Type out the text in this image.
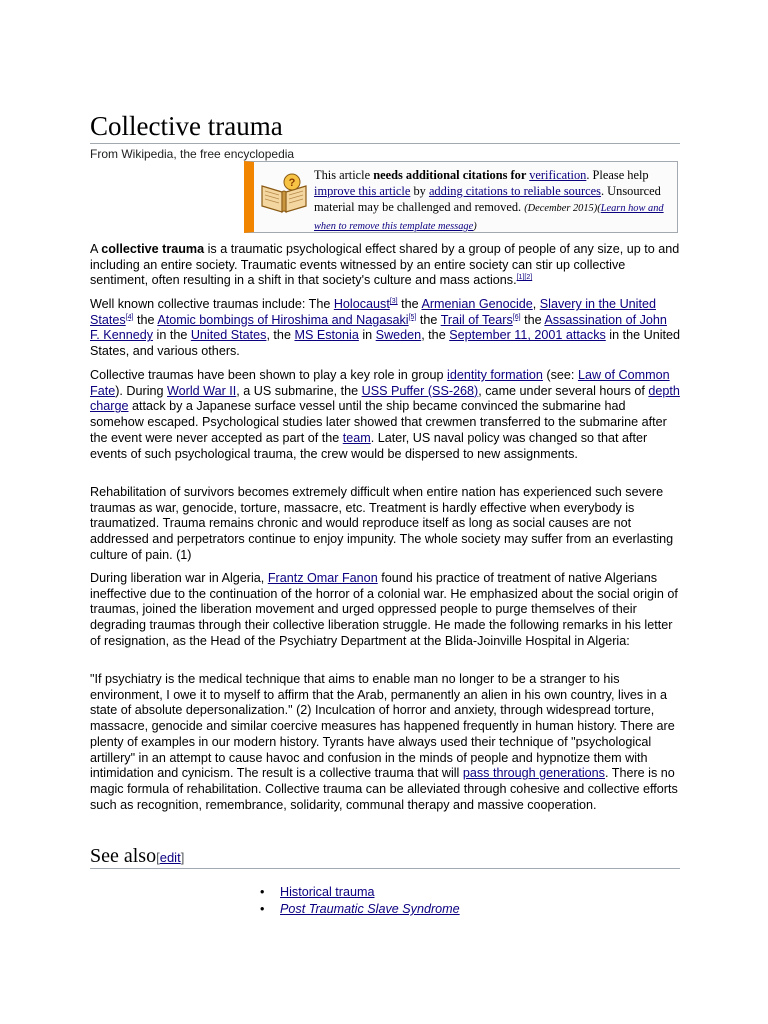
Collective trauma
From Wikipedia, the free encyclopedia
?
This article needs additional citations for verification. Please help improve this article by adding citations to reliable sources. Unsourced material may be challenged and removed. (December 2015)(Learn how and when to remove this template message)

A collective trauma is a traumatic psychological effect shared by a group of people of any size, up to and including an entire society. Traumatic events witnessed by an entire society can stir up collective sentiment, often resulting in a shift in that society's culture and mass actions.[1][2]

Well known collective traumas include: The Holocaust[3] the Armenian Genocide, Slavery in the United States[4] the Atomic bombings of Hiroshima and Nagasaki[5] the Trail of Tears[6] the Assassination of John F. Kennedy in the United States, the MS Estonia in Sweden, the September 11, 2001 attacks in the United States, and various others.

Collective traumas have been shown to play a key role in group identity formation (see: Law of Common Fate). During World War II, a US submarine, the USS Puffer (SS-268), came under several hours of depth charge attack by a Japanese surface vessel until the ship became convinced the submarine had somehow escaped. Psychological studies later showed that crewmen transferred to the submarine after the event were never accepted as part of the team. Later, US naval policy was changed so that after events of such psychological trauma, the crew would be dispersed to new assignments.

Rehabilitation of survivors becomes extremely difficult when entire nation has experienced such severe traumas as war, genocide, torture, massacre, etc. Treatment is hardly effective when everybody is traumatized. Trauma remains chronic and would reproduce itself as long as social causes are not addressed and perpetrators continue to enjoy impunity. The whole society may suffer from an everlasting culture of pain. (1)

During liberation war in Algeria, Frantz Omar Fanon found his practice of treatment of native Algerians ineffective due to the continuation of the horror of a colonial war. He emphasized about the social origin of traumas, joined the liberation movement and urged oppressed people to purge themselves of their degrading traumas through their collective liberation struggle. He made the following remarks in his letter of resignation, as the Head of the Psychiatry Department at the Blida-Joinville Hospital in Algeria:

"If psychiatry is the medical technique that aims to enable man no longer to be a stranger to his environment, I owe it to myself to affirm that the Arab, permanently an alien in his own country, lives in a state of absolute depersonalization." (2) Inculcation of horror and anxiety, through widespread torture, massacre, genocide and similar coercive measures has happened frequently in human history. There are plenty of examples in our modern history. Tyrants have always used their technique of "psychological artillery" in an attempt to cause havoc and confusion in the minds of people and hypnotize them with intimidation and cynicism. The result is a collective trauma that will pass through generations. There is no magic formula of rehabilitation. Collective trauma can be alleviated through cohesive and collective efforts such as recognition, remembrance, solidarity, communal therapy and massive cooperation.

See also[edit]
• Historical trauma
• Post Traumatic Slave Syndrome
